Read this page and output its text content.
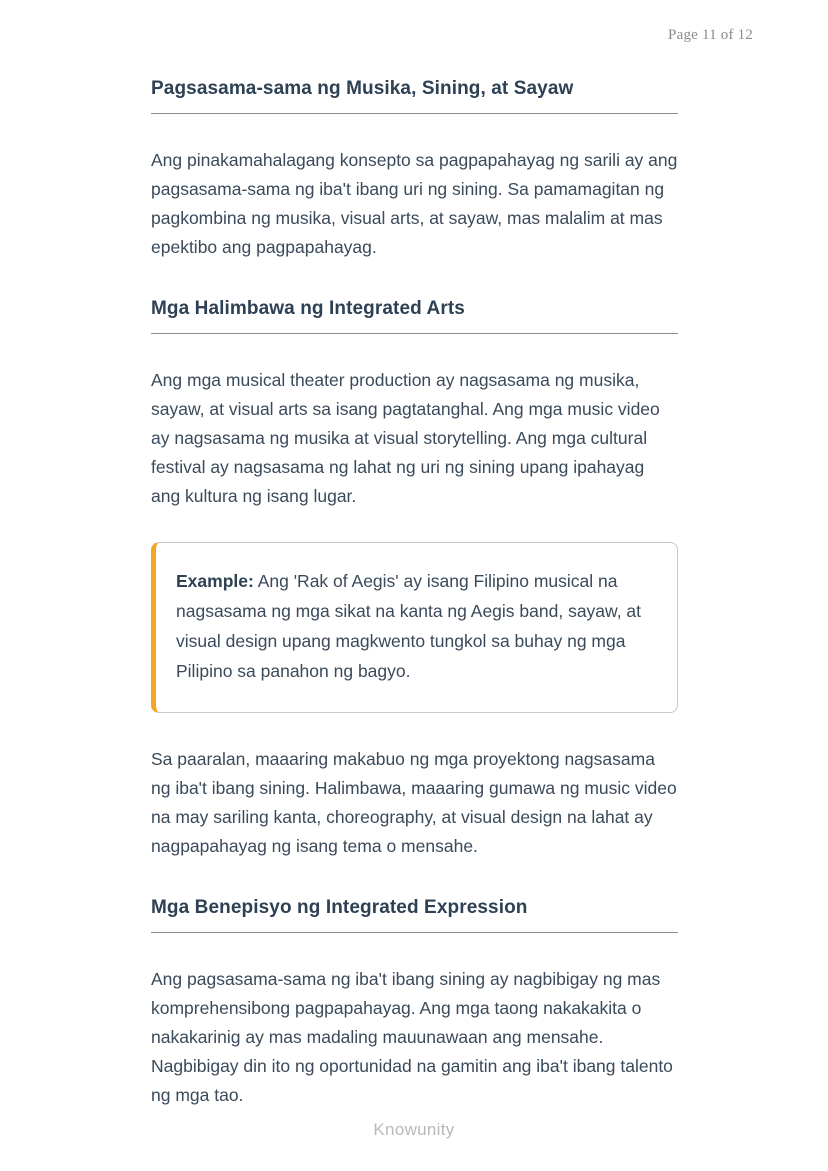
Page 11 of 12
Pagsasama-sama ng Musika, Sining, at Sayaw

Ang pinakamahalagang konsepto sa pagpapahayag ng sarili ay ang pagsasama-sama ng iba't ibang uri ng sining. Sa pamamagitan ng pagkombina ng musika, visual arts, at sayaw, mas malalim at mas epektibo ang pagpapahayag.

Mga Halimbawa ng Integrated Arts

Ang mga musical theater production ay nagsasama ng musika, sayaw, at visual arts sa isang pagtatanghal. Ang mga music video ay nagsasama ng musika at visual storytelling. Ang mga cultural festival ay nagsasama ng lahat ng uri ng sining upang ipahayag ang kultura ng isang lugar.

Example: Ang 'Rak of Aegis' ay isang Filipino musical na nagsasama ng mga sikat na kanta ng Aegis band, sayaw, at visual design upang magkwento tungkol sa buhay ng mga Pilipino sa panahon ng bagyo.

Sa paaralan, maaaring makabuo ng mga proyektong nagsasama ng iba't ibang sining. Halimbawa, maaaring gumawa ng music video na may sariling kanta, choreography, at visual design na lahat ay nagpapahayag ng isang tema o mensahe.

Mga Benepisyo ng Integrated Expression

Ang pagsasama-sama ng iba't ibang sining ay nagbibigay ng mas komprehensibong pagpapahayag. Ang mga taong nakakakita o nakakarinig ay mas madaling mauunawaan ang mensahe. Nagbibigay din ito ng oportunidad na gamitin ang iba't ibang talento ng mga tao.

Knowunity
